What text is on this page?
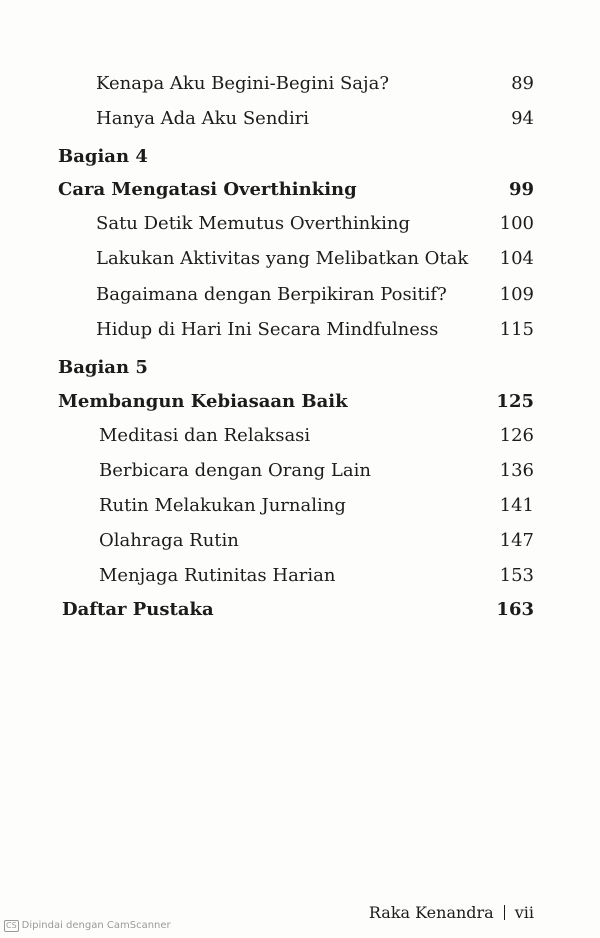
Kenapa Aku Begini-Begini Saja?	89
Hanya Ada Aku Sendiri	94
Bagian 4
Cara Mengatasi Overthinking	99
Satu Detik Memutus Overthinking	100
Lakukan Aktivitas yang Melibatkan Otak 104
Bagaimana dengan Berpikiran Positif?	109
Hidup di Hari Ini Secara Mindfulness	115
Bagian 5
Membangun Kebiasaan Baik	125
Meditasi dan Relaksasi	126
Berbicara dengan Orang Lain	136
Rutin Melakukan Jurnaling	141
Olahraga Rutin	147
Menjaga Rutinitas Harian	153
Daftar Pustaka	163
Raka Kenandra vii
CS Dipindai dengan CamScanner
